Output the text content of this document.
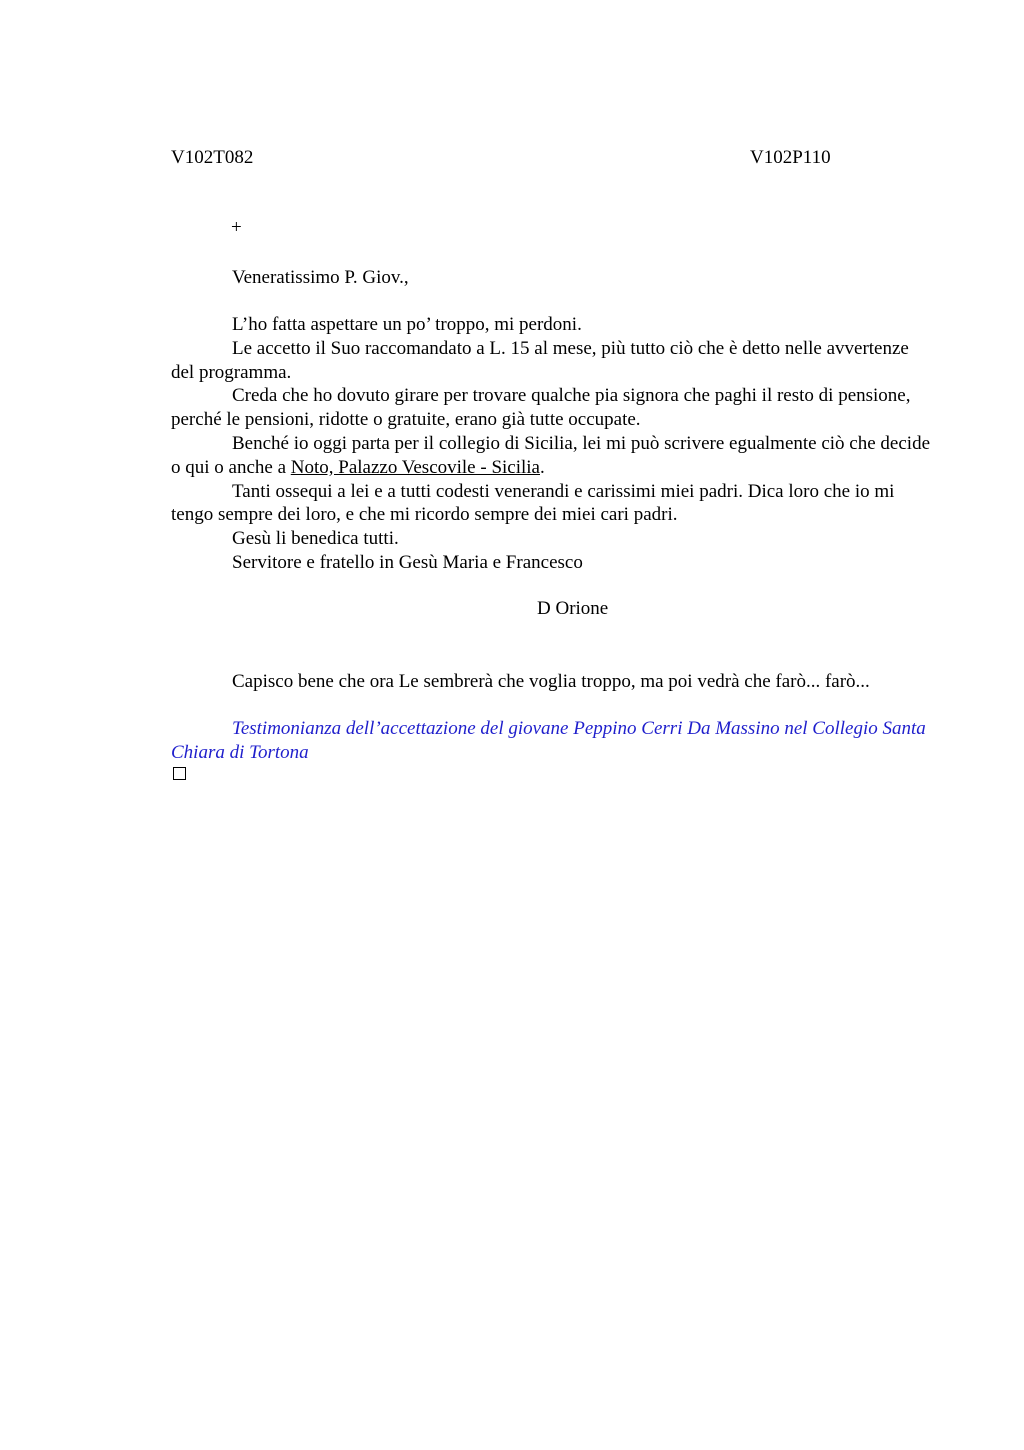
V102T082	V102P110
+

Veneratissimo P. Giov.,

L’ho fatta aspettare un po’ troppo, mi perdoni.

Le accetto il Suo raccomandato a L. 15 al mese, più tutto ciò che è detto nelle avvertenze del programma.

Creda che ho dovuto girare per trovare qualche pia signora che paghi il resto di pensione, perché le pensioni, ridotte o gratuite, erano già tutte occupate.

Benché io oggi parta per il collegio di Sicilia, lei mi può scrivere egualmente ciò che decide o qui o anche a Noto, Palazzo Vescovile - Sicilia.

Tanti ossequi a lei e a tutti codesti venerandi e carissimi miei padri. Dica loro che io mi tengo sempre dei loro, e che mi ricordo sempre dei miei cari padri.

Gesù li benedica tutti.

Servitore e fratello in Gesù Maria e Francesco

D Orione

Capisco bene che ora Le sembrerà che voglia troppo, ma poi vedrà che farò... farò...

Testimonianza dell’accettazione del giovane Peppino Cerri Da Massino nel Collegio Santa Chiara di Tortona
